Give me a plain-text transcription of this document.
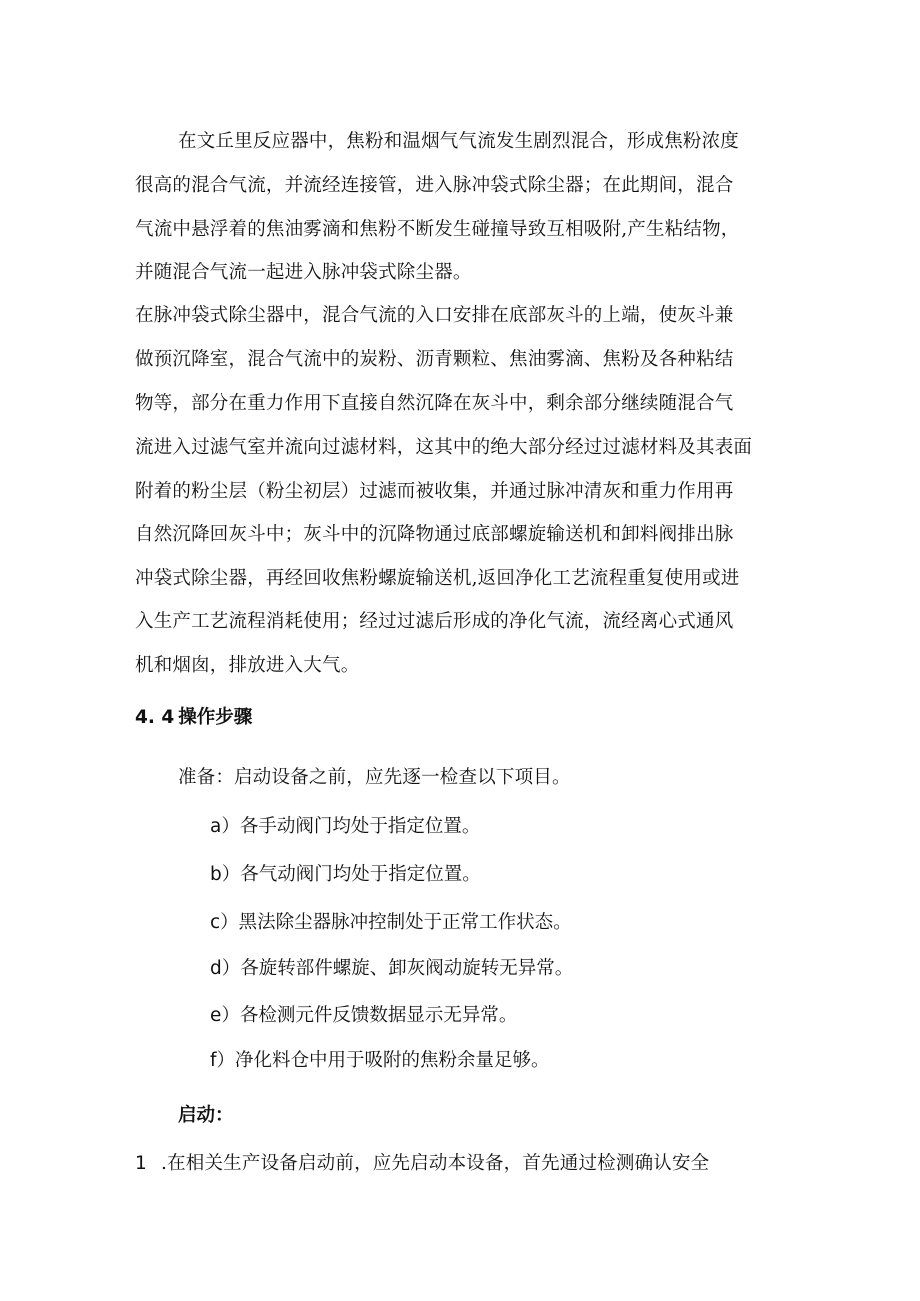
在文丘里反应器中，焦粉和温烟气气流发生剧烈混合，形成焦粉浓度
很高的混合气流，并流经连接管，进入脉冲袋式除尘器；在此期间，混合
气流中悬浮着的焦油雾滴和焦粉不断发生碰撞导致互相吸附,产生粘结物，
并随混合气流一起进入脉冲袋式除尘器。
在脉冲袋式除尘器中，混合气流的入口安排在底部灰斗的上端，使灰斗兼
做预沉降室，混合气流中的炭粉、沥青颗粒、焦油雾滴、焦粉及各种粘结
物等，部分在重力作用下直接自然沉降在灰斗中，剩余部分继续随混合气
流进入过滤气室并流向过滤材料，这其中的绝大部分经过过滤材料及其表面
附着的粉尘层（粉尘初层）过滤而被收集，并通过脉冲清灰和重力作用再
自然沉降回灰斗中；灰斗中的沉降物通过底部螺旋输送机和卸料阀排出脉
冲袋式除尘器，再经回收焦粉螺旋输送机,返回净化工艺流程重复使用或进
入生产工艺流程消耗使用；经过过滤后形成的净化气流，流经离心式通风
机和烟囱，排放进入大气。
4. 4 操作步骤
准备：启动设备之前，应先逐一检查以下项目。
a）各手动阀门均处于指定位置。
b）各气动阀门均处于指定位置。
c）黑法除尘器脉冲控制处于正常工作状态。
d）各旋转部件螺旋、卸灰阀动旋转无异常。
e）各检测元件反馈数据显示无异常。
f）净化料仓中用于吸附的焦粉余量足够。
启动：
1 .在相关生产设备启动前，应先启动本设备，首先通过检测确认安全
